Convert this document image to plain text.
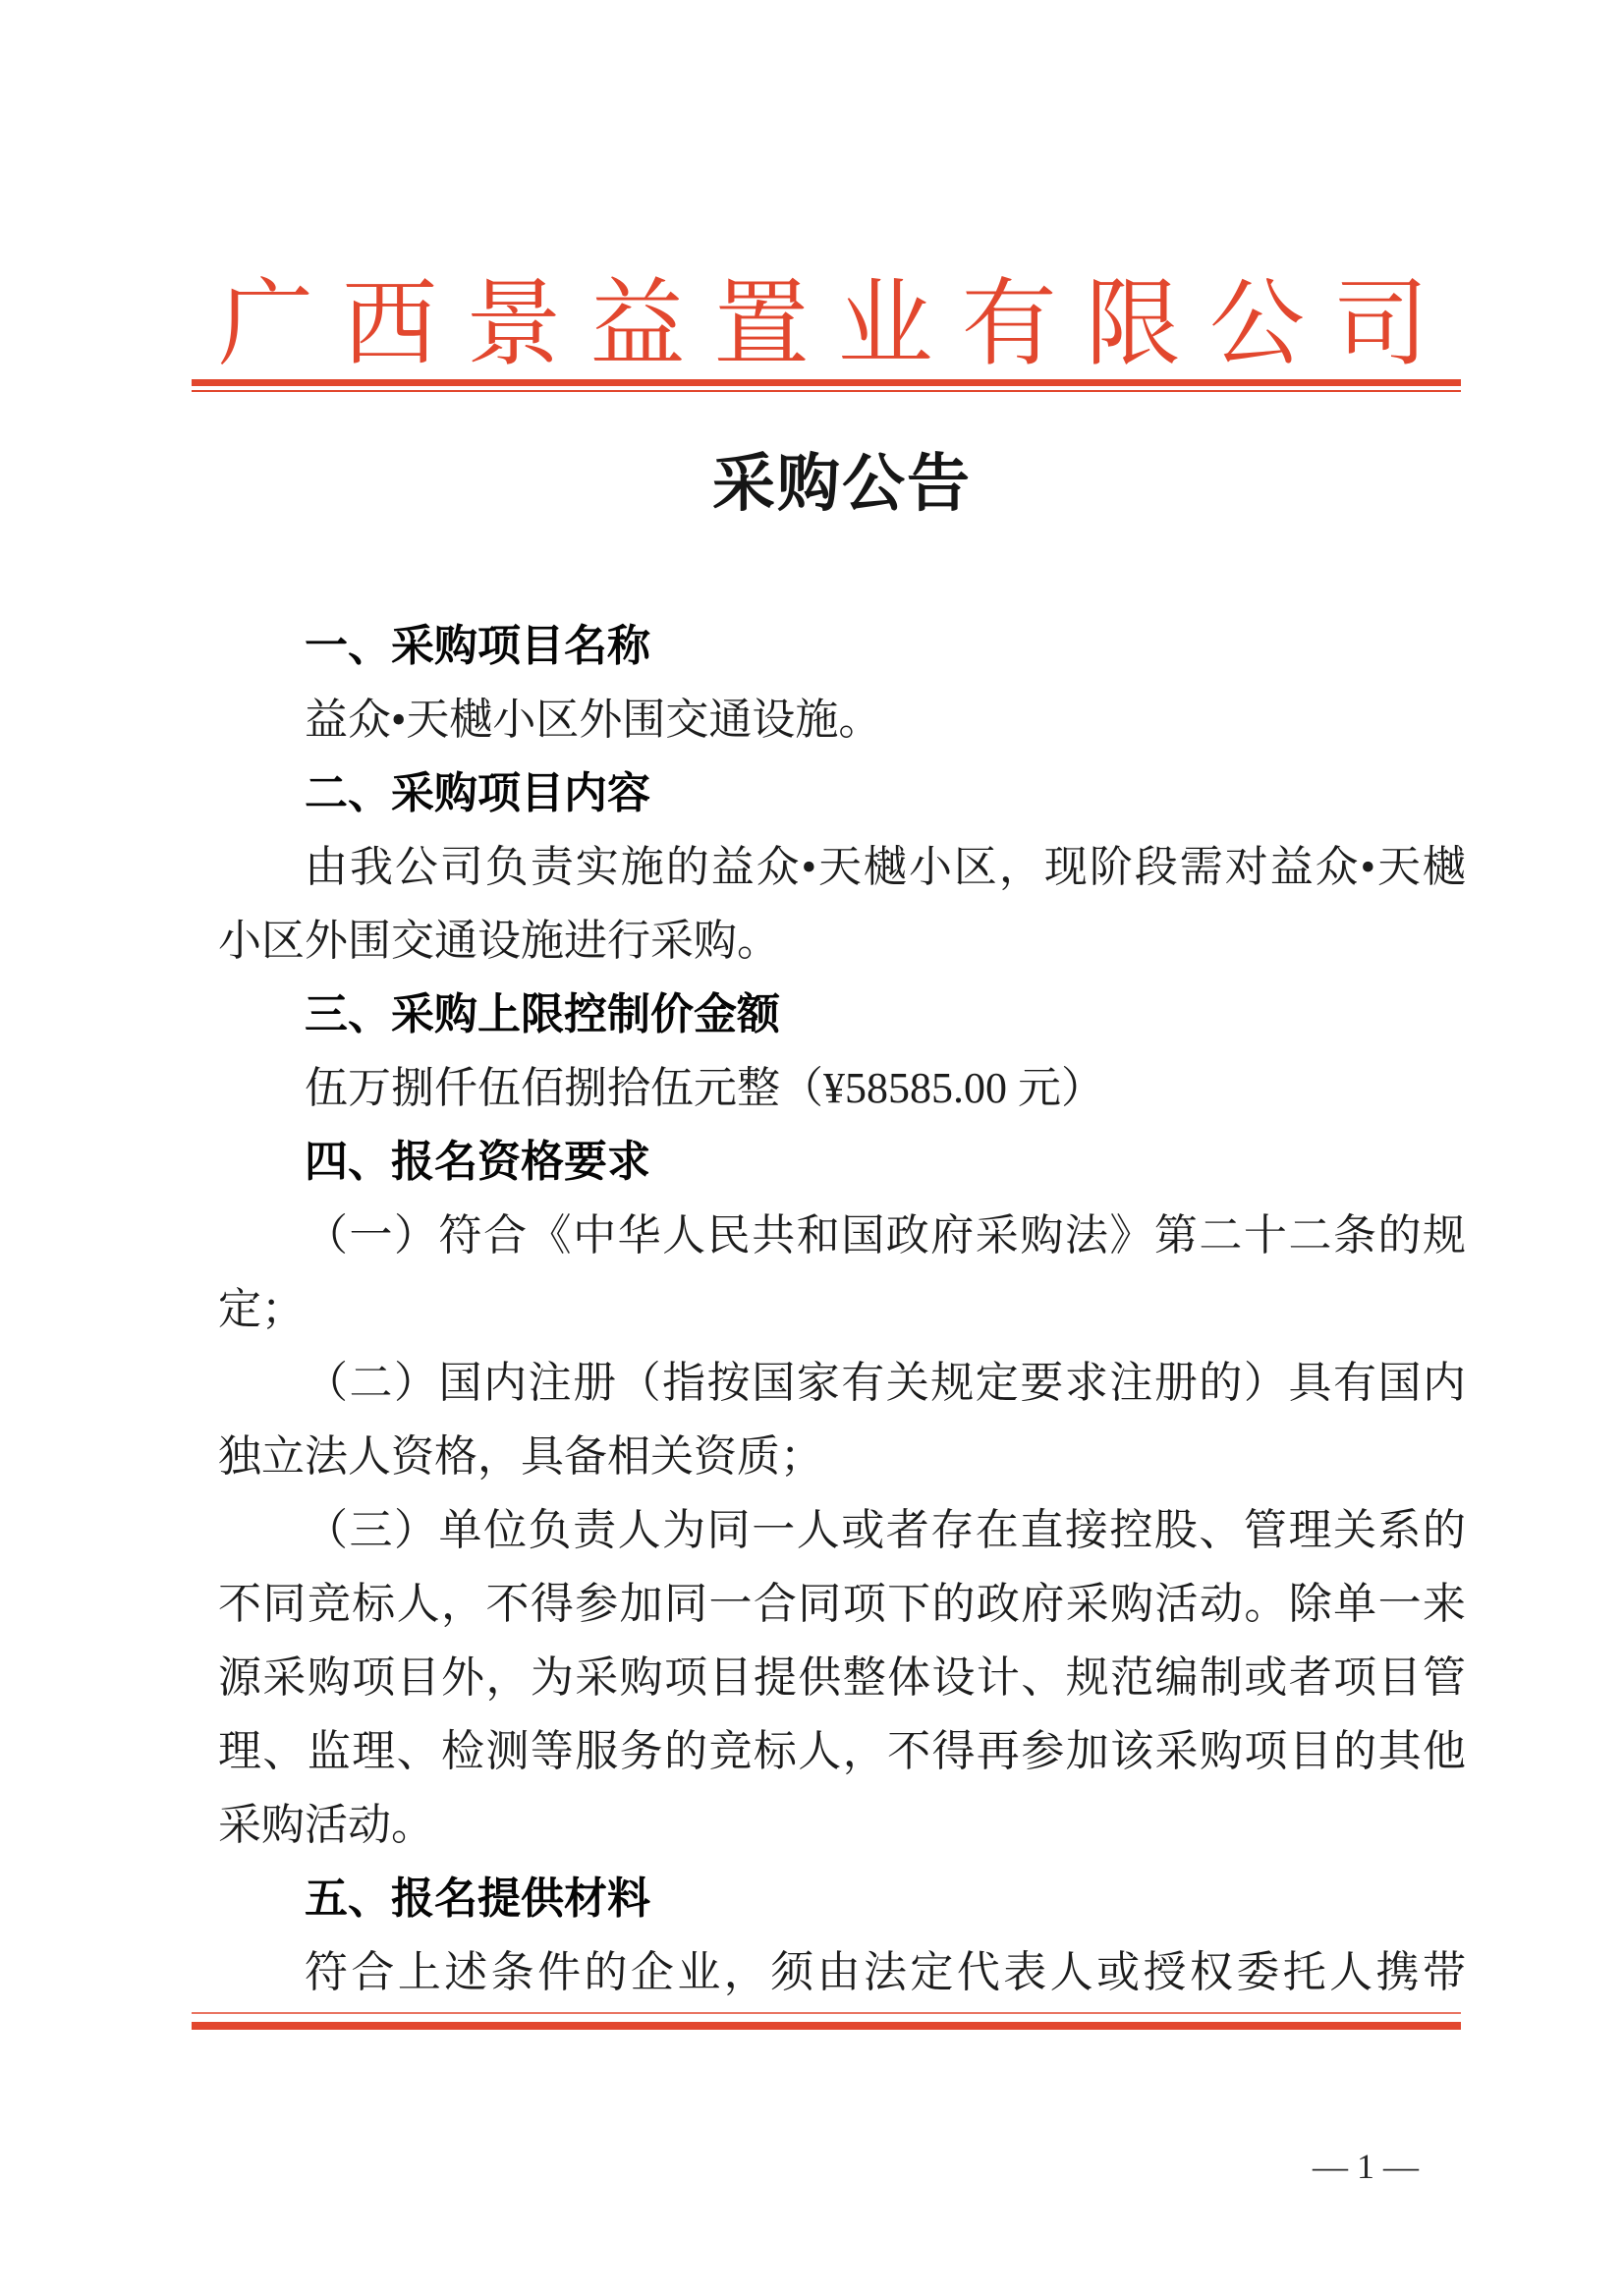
广 西 景 益 置 业 有 限 公 司
采购公告
一、采购项目名称
益众•天樾小区外围交通设施。
二、采购项目内容
由我公司负责实施的益众•天樾小区，现阶段需对益众•天樾
小区外围交通设施进行采购。
三、采购上限控制价金额
伍万捌仟伍佰捌拾伍元整（¥58585.00 元）
四、报名资格要求
（一）符合《中华人民共和国政府采购法》第二十二条的规
定；
（二）国内注册（指按国家有关规定要求注册的）具有国内
独立法人资格，具备相关资质；
（三）单位负责人为同一人或者存在直接控股、管理关系的
不同竞标人，不得参加同一合同项下的政府采购活动。除单一来
源采购项目外，为采购项目提供整体设计、规范编制或者项目管
理、监理、检测等服务的竞标人，不得再参加该采购项目的其他
采购活动。
五、报名提供材料
符合上述条件的企业，须由法定代表人或授权委托人携带
— 1 —
